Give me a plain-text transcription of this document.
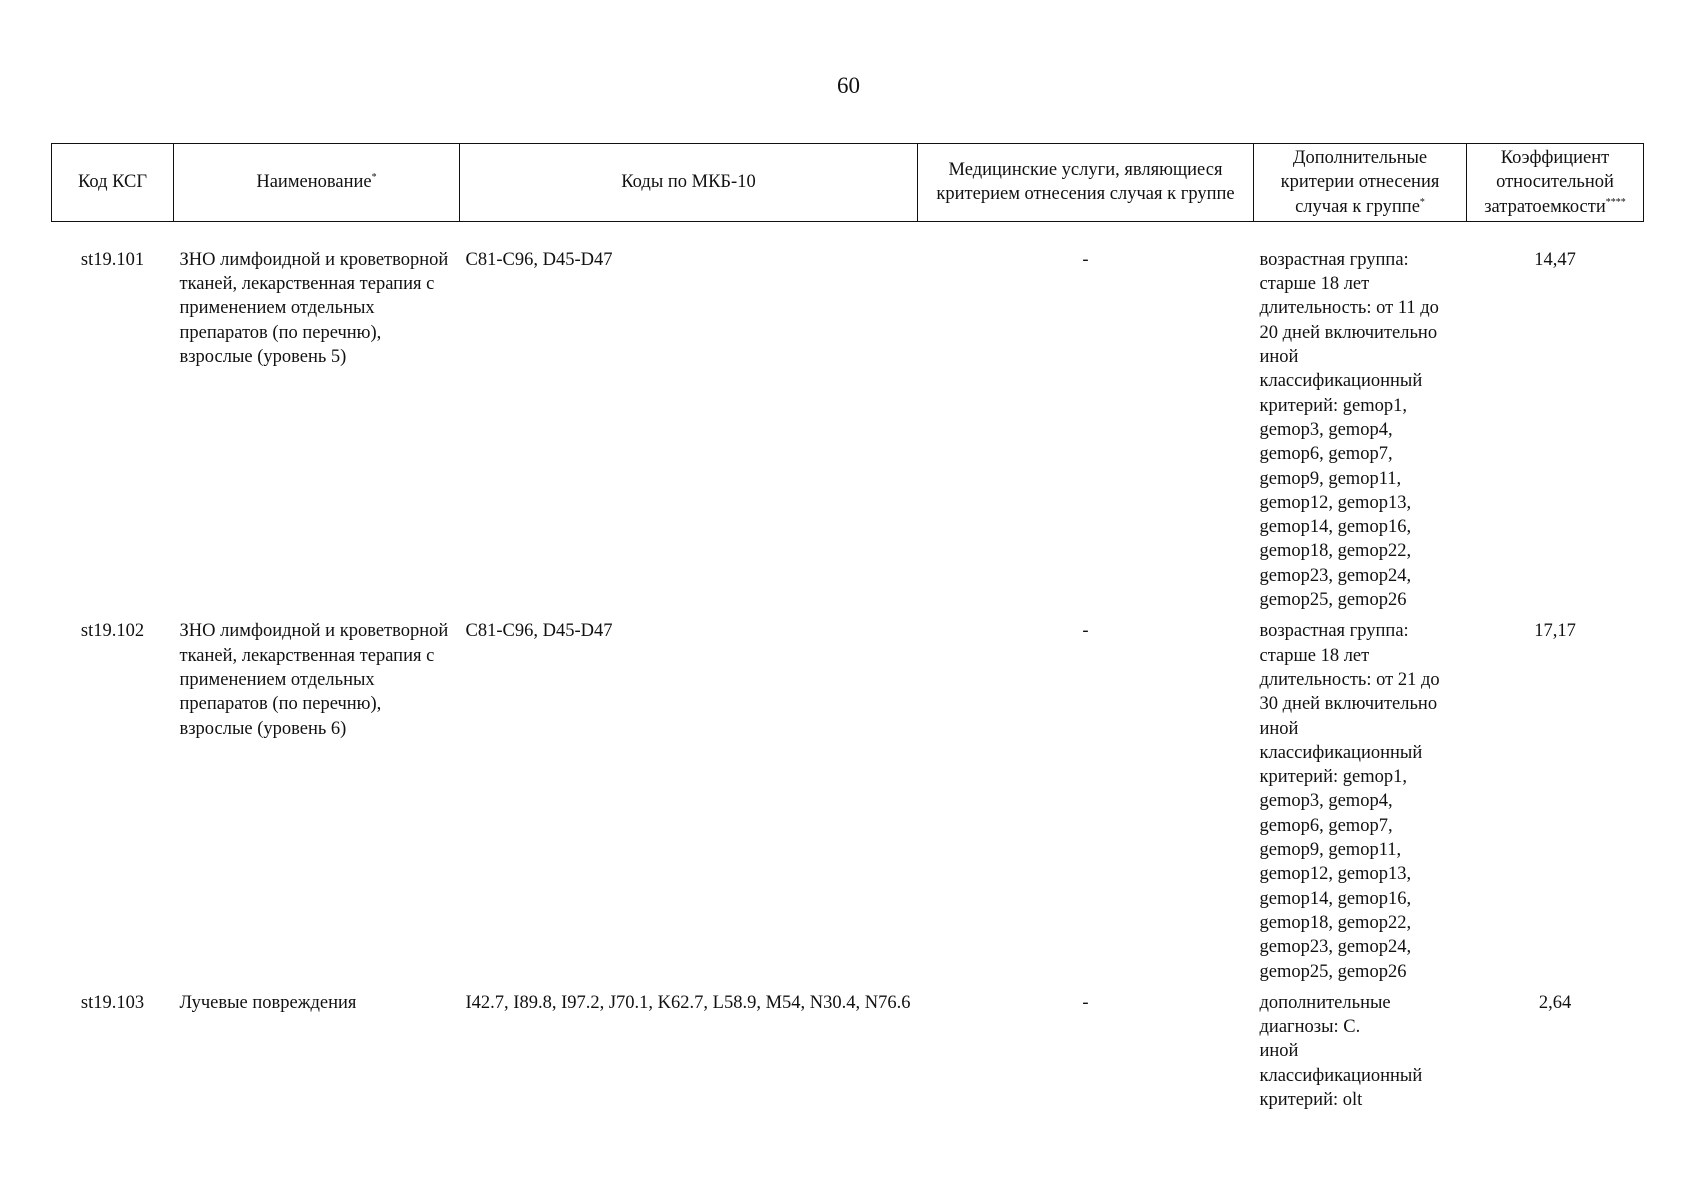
60
Код КСГ	Наименование*	Коды по МКБ-10	Медицинские услуги, являющиеся критерием отнесения случая к группе	Дополнительные критерии отнесения случая к группе*	Коэффициент относительной затратоемкости****

st19.101	ЗНО лимфоидной и кроветворной тканей, лекарственная терапия с применением отдельных препаратов (по перечню), взрослые (уровень 5)	C81-C96, D45-D47	-	возрастная группа:
старше 18 лет
длительность: от 11 до 20 дней включительно
иной классификационный критерий: gemop1, gemop3, gemop4, gemop6, gemop7, gemop9, gemop11, gemop12, gemop13, gemop14, gemop16, gemop18, gemop22, gemop23, gemop24, gemop25, gemop26	14,47
st19.102	ЗНО лимфоидной и кроветворной тканей, лекарственная терапия с применением отдельных препаратов (по перечню), взрослые (уровень 6)	C81-C96, D45-D47	-	возрастная группа:
старше 18 лет
длительность: от 21 до 30 дней включительно
иной классификационный критерий: gemop1, gemop3, gemop4, gemop6, gemop7, gemop9, gemop11, gemop12, gemop13, gemop14, gemop16, gemop18, gemop22, gemop23, gemop24, gemop25, gemop26	17,17
st19.103	Лучевые повреждения	I42.7, I89.8, I97.2, J70.1, K62.7, L58.9, M54, N30.4, N76.6	-	дополнительные диагнозы: C.
иной классификационный критерий: olt	2,64
